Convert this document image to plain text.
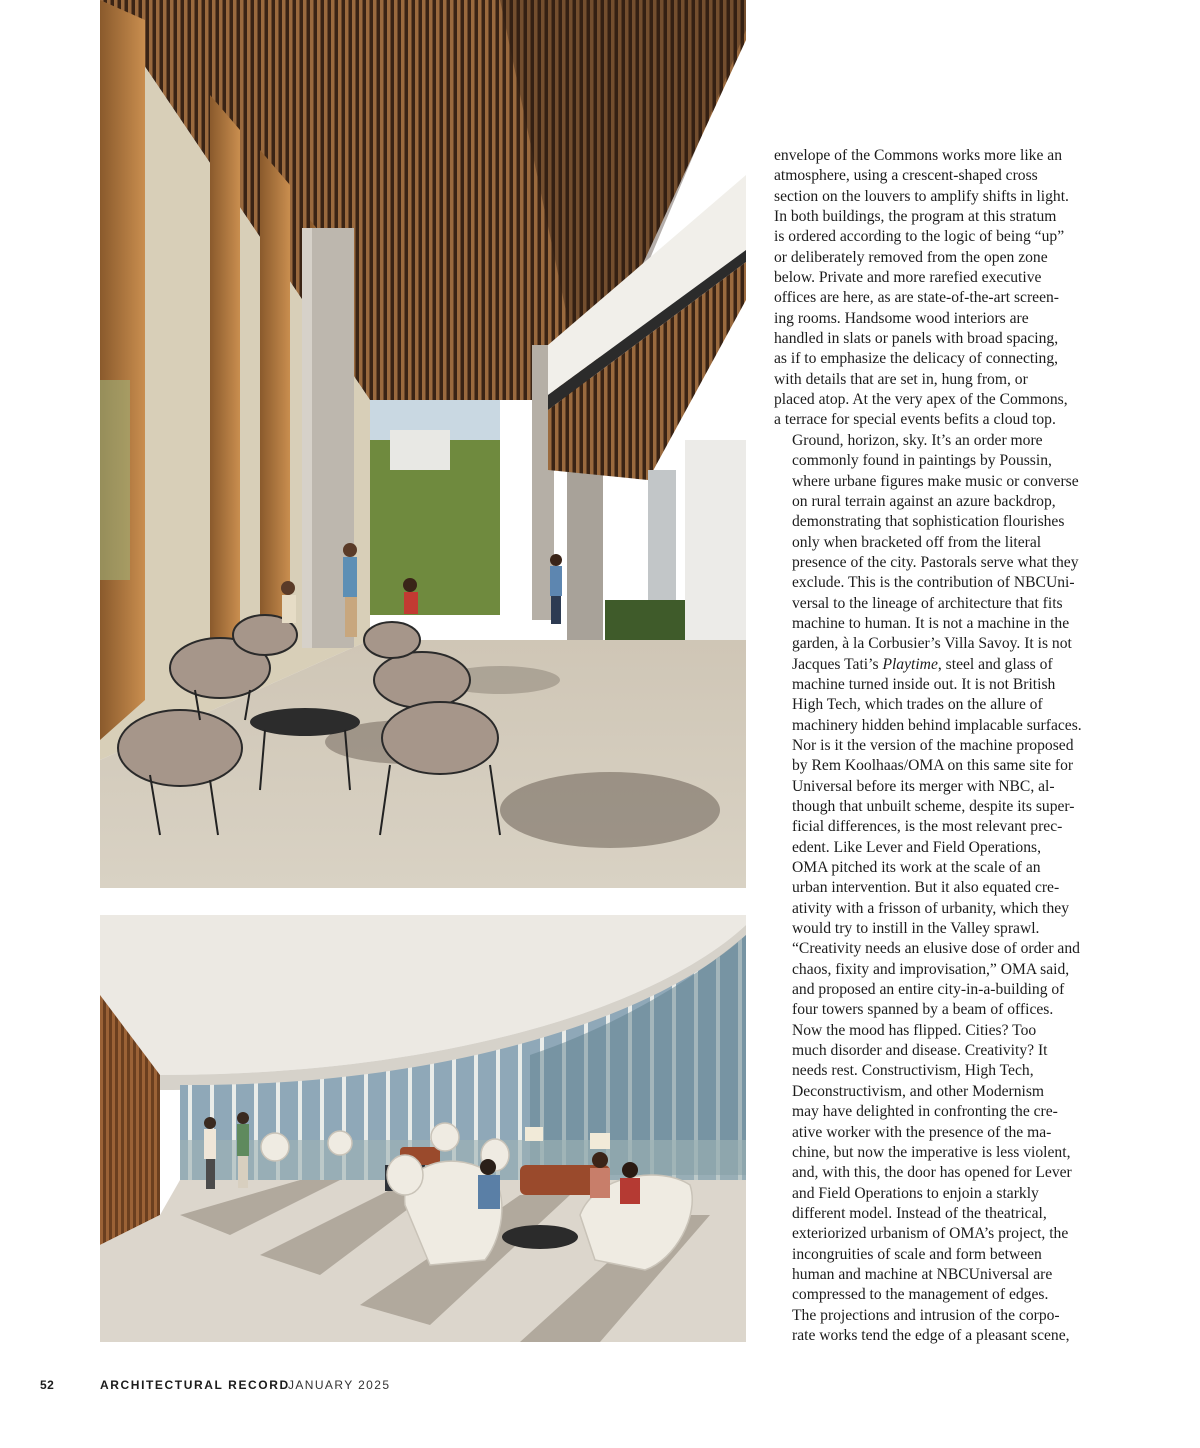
envelope of the Commons works more like an
atmosphere, using a crescent-shaped cross
section on the louvers to amplify shifts in light.
In both buildings, the program at this stratum
is ordered according to the logic of being “up”
or deliberately removed from the open zone
below. Private and more rarefied executive
offices are here, as are state-of-the-art screen-
ing rooms. Handsome wood interiors are
handled in slats or panels with broad spacing,
as if to emphasize the delicacy of connecting,
with details that are set in, hung from, or
placed atop. At the very apex of the Commons,
a terrace for special events befits a cloud top.

Ground, horizon, sky. It’s an order more
commonly found in paintings by Poussin,
where urbane figures make music or converse
on rural terrain against an azure backdrop,
demonstrating that sophistication flourishes
only when bracketed off from the literal
presence of the city. Pastorals serve what they
exclude. This is the contribution of NBCUni-
versal to the lineage of architecture that fits
machine to human. It is not a machine in the
garden, à la Corbusier’s Villa Savoy. It is not
Jacques Tati’s Playtime, steel and glass of
machine turned inside out. It is not British
High Tech, which trades on the allure of
machinery hidden behind implacable surfaces.
Nor is it the version of the machine proposed
by Rem Koolhaas/OMA on this same site for
Universal before its merger with NBC, al-
though that unbuilt scheme, despite its super-
ficial differences, is the most relevant prec-
edent. Like Lever and Field Operations,
OMA pitched its work at the scale of an
urban intervention. But it also equated cre-
ativity with a frisson of urbanity, which they
would try to instill in the Valley sprawl.
“Creativity needs an elusive dose of order and
chaos, fixity and improvisation,” OMA said,
and proposed an entire city-in-a-building of
four towers spanned by a beam of offices.

Now the mood has flipped. Cities? Too
much disorder and disease. Creativity? It
needs rest. Constructivism, High Tech,
Deconstructivism, and other Modernism
may have delighted in confronting the cre-
ative worker with the presence of the ma-
chine, but now the imperative is less violent,
and, with this, the door has opened for Lever
and Field Operations to enjoin a starkly
different model. Instead of the theatrical,
exteriorized urbanism of OMA’s project, the
incongruities of scale and form between
human and machine at NBCUniversal are
compressed to the management of edges.
The projections and intrusion of the corpo-
rate works tend the edge of a pleasant scene,

52	ARCHITECTURAL RECORD
JANUARY 2025
